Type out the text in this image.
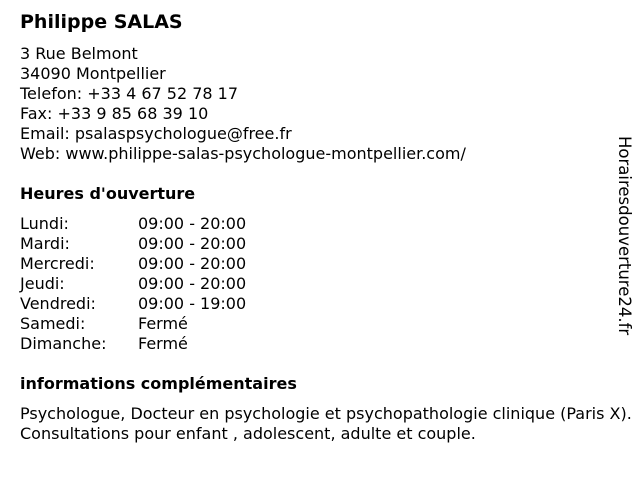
Philippe SALAS
3 Rue Belmont
34090 Montpellier
Telefon: +33 4 67 52 78 17
Fax: +33 9 85 68 39 10
Email: psalaspsychologue@free.fr
Web: www.philippe-salas-psychologue-montpellier.com/
Heures d'ouverture
Lundi:	09:00 - 20:00
Mardi:	09:00 - 20:00
Mercredi:	09:00 - 20:00
Jeudi:	09:00 - 20:00
Vendredi:	09:00 - 19:00
Samedi:	Fermé
Dimanche: Fermé
informations complémentaires
Psychologue, Docteur en psychologie et psychopathologie clinique (Paris X). Consultations pour enfant , adolescent, adulte et couple.
Horairesdouverture24.fr
